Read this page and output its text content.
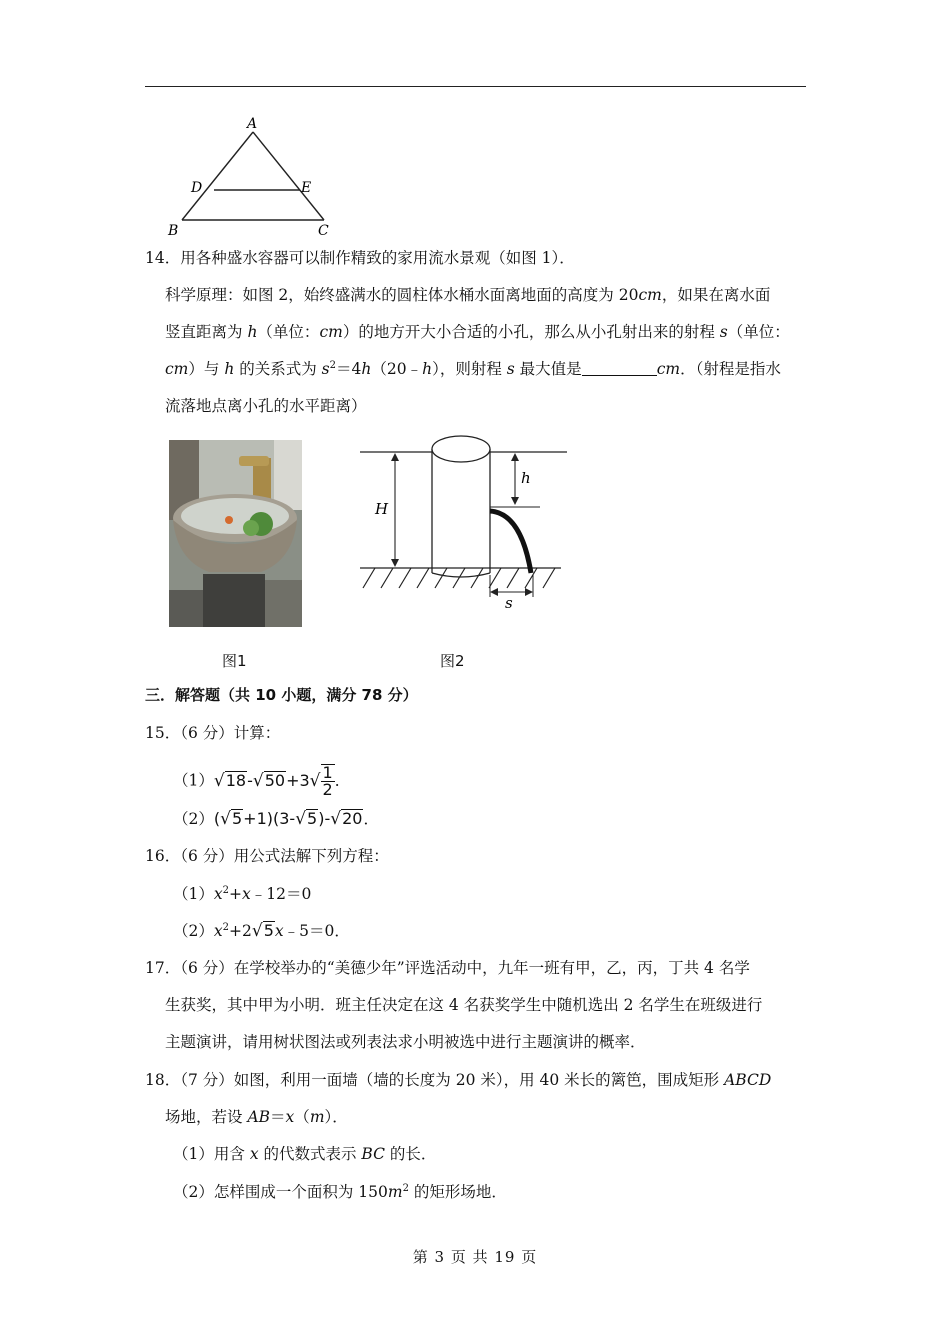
A
D	E
B	C
14．用各种盛水容器可以制作精致的家用流水景观（如图 1）．
科学原理：如图 2，始终盛满水的圆柱体水桶水面离地面的高度为 20cm，如果在离水面
竖直距离为 h（单位：cm）的地方开大小合适的小孔，那么从小孔射出来的射程 s（单位：
cm）与 h 的关系式为 $s^2=4h(20﹣h)$，则射程 s 最大值是	cm．（射程是指水
流落地点离小孔的水平距离）
图1
H
h
s
图2
三．解答题（共 10 小题，满分 78 分）
15．（6 分）计算：
$(1)√18-√50+3√ \frac{1}{2}$ ．
（2）(√5+1)(3-√5)-√20．
16．（6 分）用公式法解下列方程：
$(1)x^2+x﹣12=0$
$(2)x^2+2√5x﹣5=0$．
17．（6 分）在学校举办的“美德少年”评选活动中，九年一班有甲，乙，丙，丁共 4 名学
生获奖，其中甲为小明．班主任决定在这 4 名获奖学生中随机选出 2 名学生在班级进行
主题演讲，请用树状图法或列表法求小明被选中进行主题演讲的概率．
18．（7 分）如图，利用一面墙（墙的长度为 20 米），用 40 米长的篱笆，围成矩形 ABCD
场地，若设 AB＝x（m）．
（1）用含 x 的代数式表示 BC 的长．
（2）怎样围成一个面积为 $150m^2$ 的矩形场地．
第 3 页 共 19 页
